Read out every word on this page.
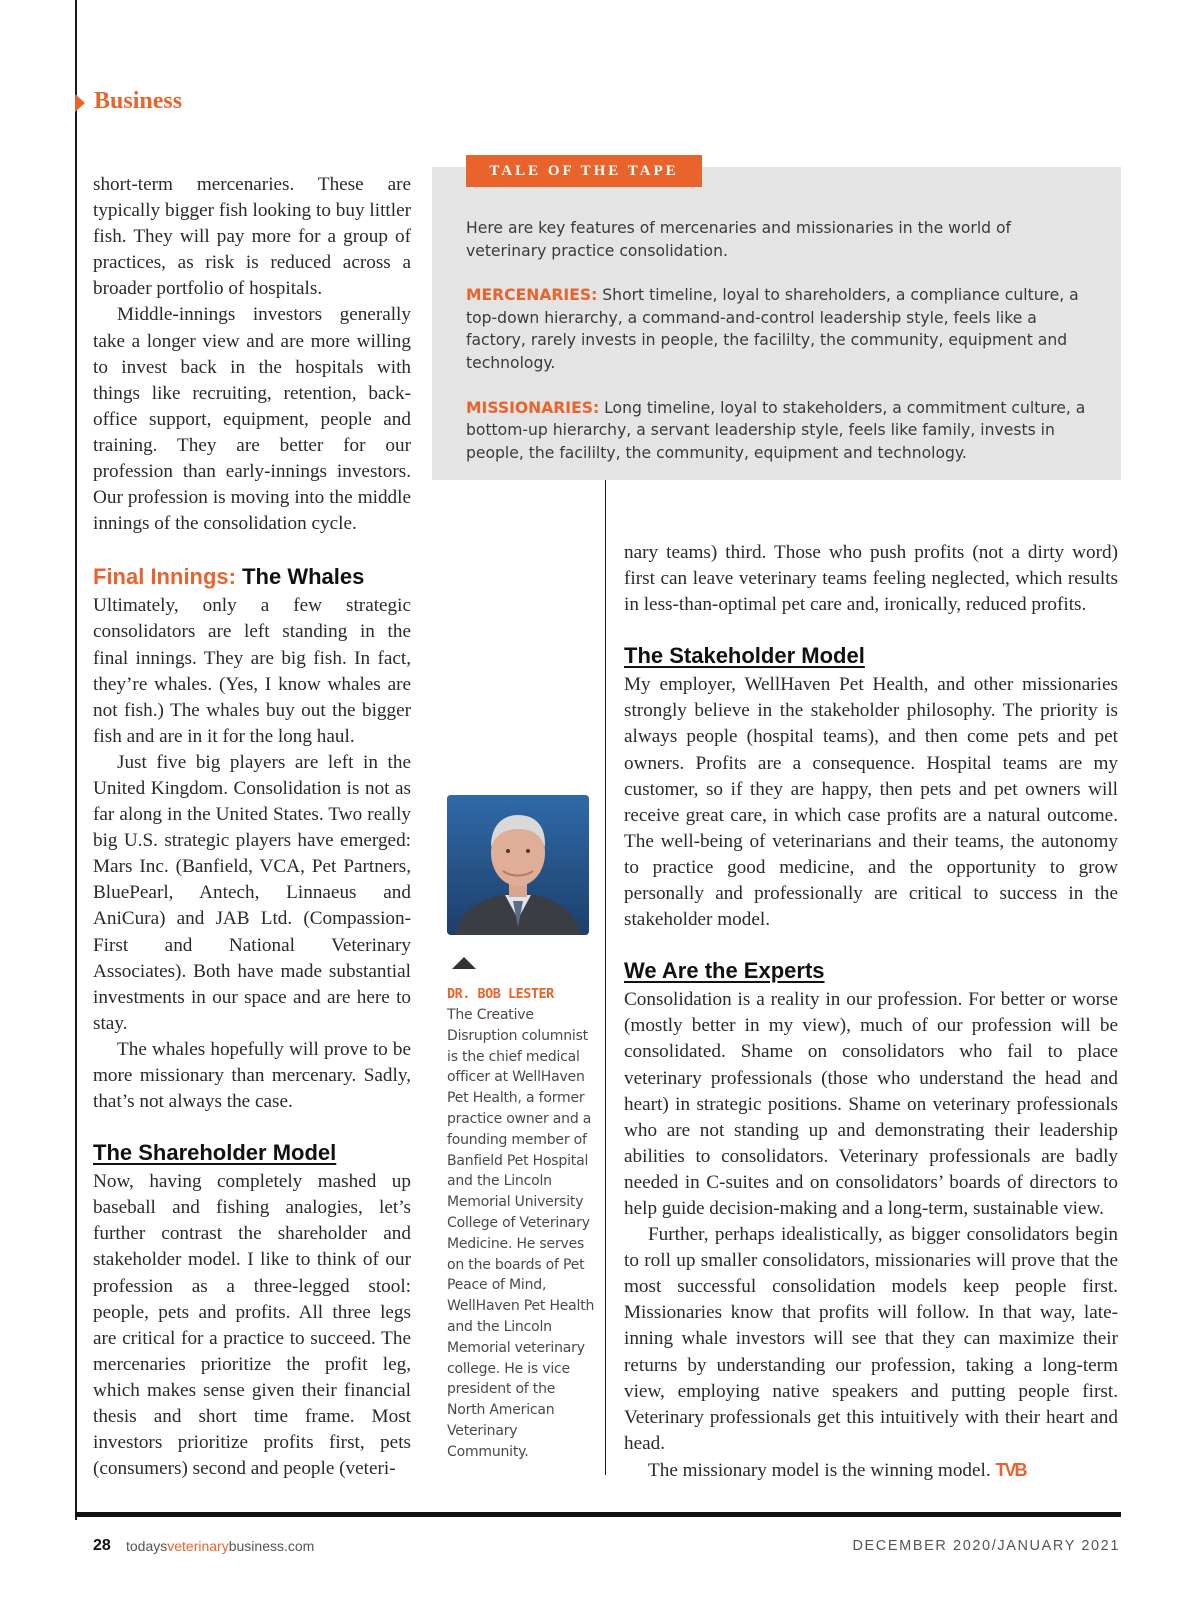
Business

short-term mercenaries. These are typically bigger fish looking to buy littler fish. They will pay more for a group of practices, as risk is reduced across a broader portfolio of hospitals.

Middle-innings investors generally take a longer view and are more willing to invest back in the hospitals with things like recruiting, retention, back-office support, equipment, people and training. They are better for our profession than early-innings investors. Our profession is moving into the middle innings of the consolidation cycle.

Final Innings: The Whales

Ultimately, only a few strategic consolidators are left standing in the final innings. They are big fish. In fact, they’re whales. (Yes, I know whales are not fish.) The whales buy out the bigger fish and are in it for the long haul.

Just five big players are left in the United Kingdom. Consolidation is not as far along in the United States. Two really big U.S. strategic players have emerged: Mars Inc. (Banfield, VCA, Pet Partners, BluePearl, Antech, Linnaeus and AniCura) and JAB Ltd. (Compassion-First and National Veterinary Associates). Both have made substantial investments in our space and are here to stay.

The whales hopefully will prove to be more missionary than mercenary. Sadly, that’s not always the case.

The Shareholder Model

Now, having completely mashed up baseball and fishing analogies, let’s further contrast the shareholder and stakeholder model. I like to think of our profession as a three-legged stool: people, pets and profits. All three legs are critical for a practice to succeed. The mercenaries prioritize the profit leg, which makes sense given their financial thesis and short time frame. Most investors prioritize profits first, pets (consumers) second and people (veteri-

TALE OF THE TAPE

Here are key features of mercenaries and missionaries in the world of veterinary practice consolidation.

MERCENARIES: Short timeline, loyal to shareholders, a compliance culture, a top-down hierarchy, a command-and-control leadership style, feels like a factory, rarely invests in people, the facililty, the community, equipment and technology.

MISSIONARIES: Long timeline, loyal to stakeholders, a commitment culture, a bottom-up hierarchy, a servant leadership style, feels like family, invests in people, the facililty, the community, equipment and technology.

DR. BOB LESTER
The Creative Disruption columnist is the chief medical officer at WellHaven Pet Health, a former practice owner and a founding member of Banfield Pet Hospital and the Lincoln Memorial University College of Veterinary Medicine. He serves on the boards of Pet Peace of Mind, WellHaven Pet Health and the Lincoln Memorial veterinary college. He is vice president of the North American Veterinary Community.

nary teams) third. Those who push profits (not a dirty word) first can leave veterinary teams feeling neglected, which results in less-than-optimal pet care and, ironically, reduced profits.

The Stakeholder Model

My employer, WellHaven Pet Health, and other missionaries strongly believe in the stakeholder philosophy. The priority is always people (hospital teams), and then come pets and pet owners. Profits are a consequence. Hospital teams are my customer, so if they are happy, then pets and pet owners will receive great care, in which case profits are a natural outcome. The well-being of veterinarians and their teams, the autonomy to practice good medicine, and the opportunity to grow personally and professionally are critical to success in the stakeholder model.

We Are the Experts

Consolidation is a reality in our profession. For better or worse (mostly better in my view), much of our profession will be consolidated. Shame on consolidators who fail to place veterinary professionals (those who understand the head and heart) in strategic positions. Shame on veterinary professionals who are not standing up and demonstrating their leadership abilities to consolidators. Veterinary professionals are badly needed in C-suites and on consolidators’ boards of directors to help guide decision-making and a long-term, sustainable view.

Further, perhaps idealistically, as bigger consolidators begin to roll up smaller consolidators, missionaries will prove that the most successful consolidation models keep people first. Missionaries know that profits will follow. In that way, late-inning whale investors will see that they can maximize their returns by understanding our profession, taking a long-term view, employing native speakers and putting people first. Veterinary professionals get this intuitively with their heart and head.

The missionary model is the winning model. TVB

28 todaysveterinarybusiness.com	DECEMBER 2020/JANUARY 2021
